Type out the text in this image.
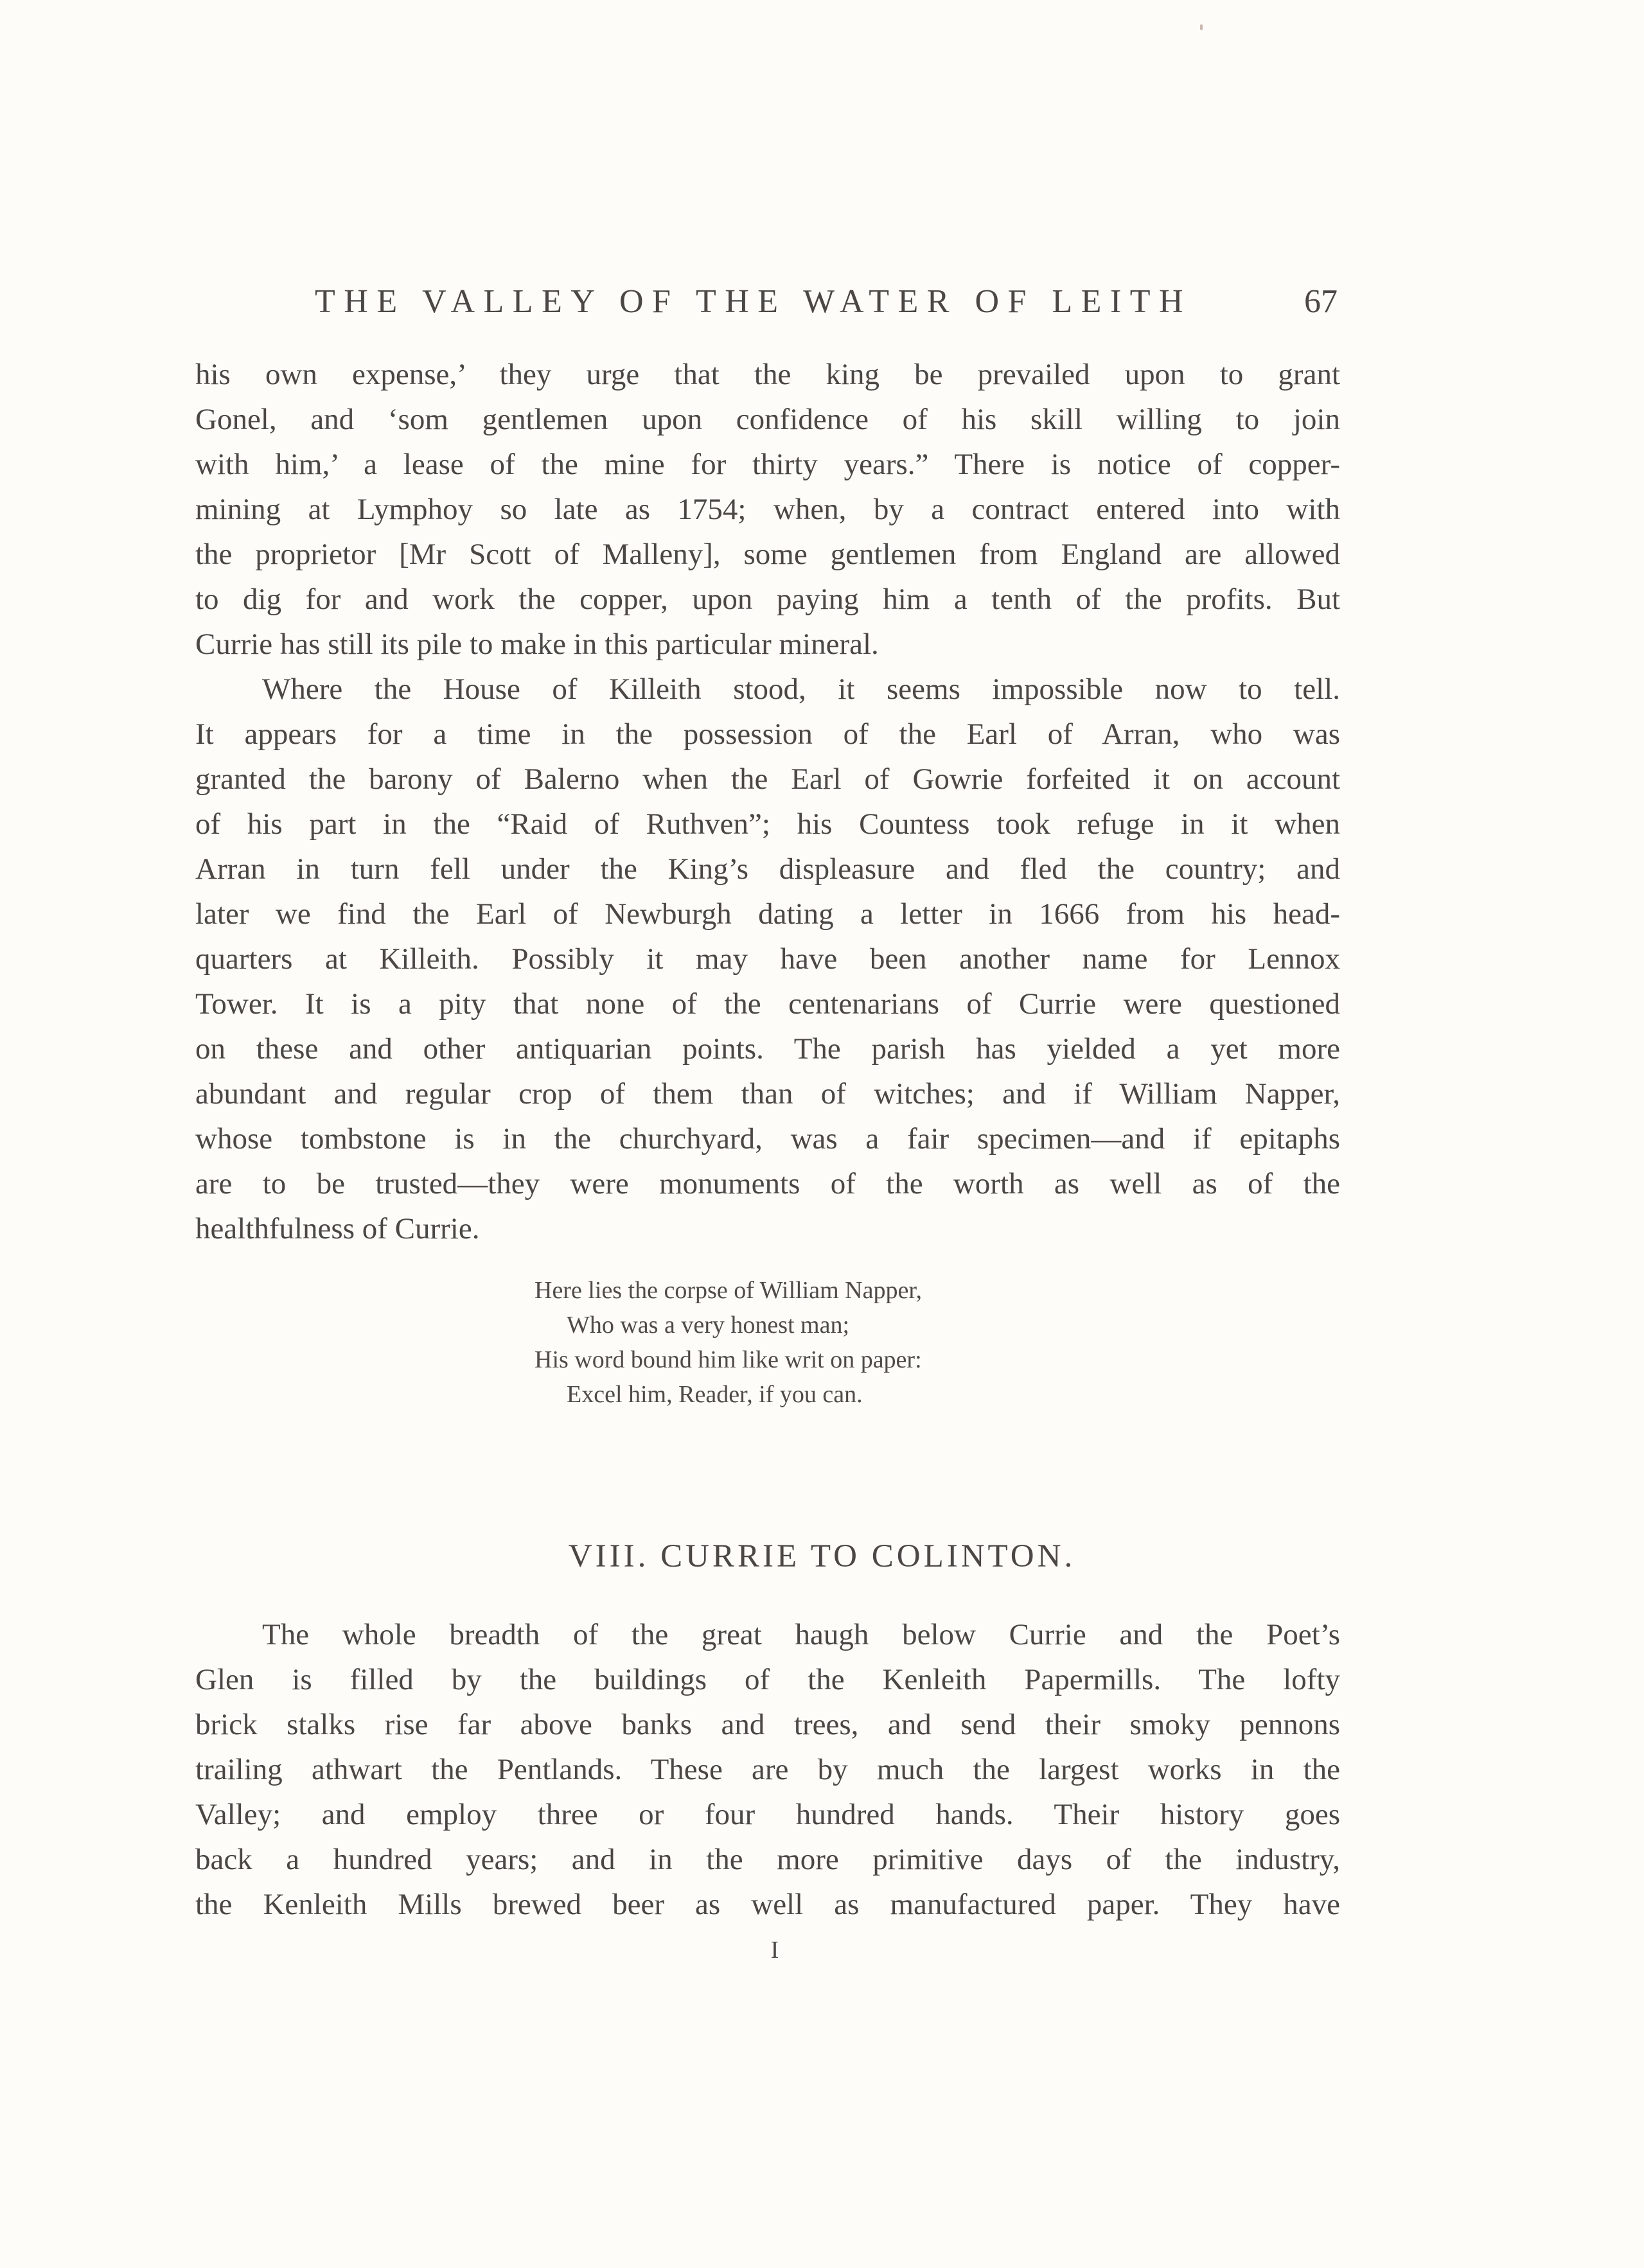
THE VALLEY OF THE WATER OF LEITH	67
his own expense,’ they urge that the king be prevailed upon to grant
Gonel, and ‘som gentlemen upon confidence of his skill willing to join
with him,’ a lease of the mine for thirty years.” There is notice of copper-
mining at Lymphoy so late as 1754; when, by a contract entered into with
the proprietor [Mr Scott of Malleny], some gentlemen from England are allowed
to dig for and work the copper, upon paying him a tenth of the profits. But
Currie has still its pile to make in this particular mineral.
Where the House of Killeith stood, it seems impossible now to tell.
It appears for a time in the possession of the Earl of Arran, who was
granted the barony of Balerno when the Earl of Gowrie forfeited it on account
of his part in the “Raid of Ruthven”; his Countess took refuge in it when
Arran in turn fell under the King’s displeasure and fled the country; and
later we find the Earl of Newburgh dating a letter in 1666 from his head-
quarters at Killeith. Possibly it may have been another name for Lennox
Tower. It is a pity that none of the centenarians of Currie were questioned
on these and other antiquarian points. The parish has yielded a yet more
abundant and regular crop of them than of witches; and if William Napper,
whose tombstone is in the churchyard, was a fair specimen—and if epitaphs
are to be trusted—they were monuments of the worth as well as of the
healthfulness of Currie.
Here lies the corpse of William Napper,
Who was a very honest man;
His word bound him like writ on paper:
Excel him, Reader, if you can.
VIII. CURRIE TO COLINTON.
The whole breadth of the great haugh below Currie and the Poet’s
Glen is filled by the buildings of the Kenleith Papermills. The lofty
brick stalks rise far above banks and trees, and send their smoky pennons
trailing athwart the Pentlands. These are by much the largest works in the
Valley; and employ three or four hundred hands. Their history goes
back a hundred years; and in the more primitive days of the industry,
the Kenleith Mills brewed beer as well as manufactured paper. They have
I
